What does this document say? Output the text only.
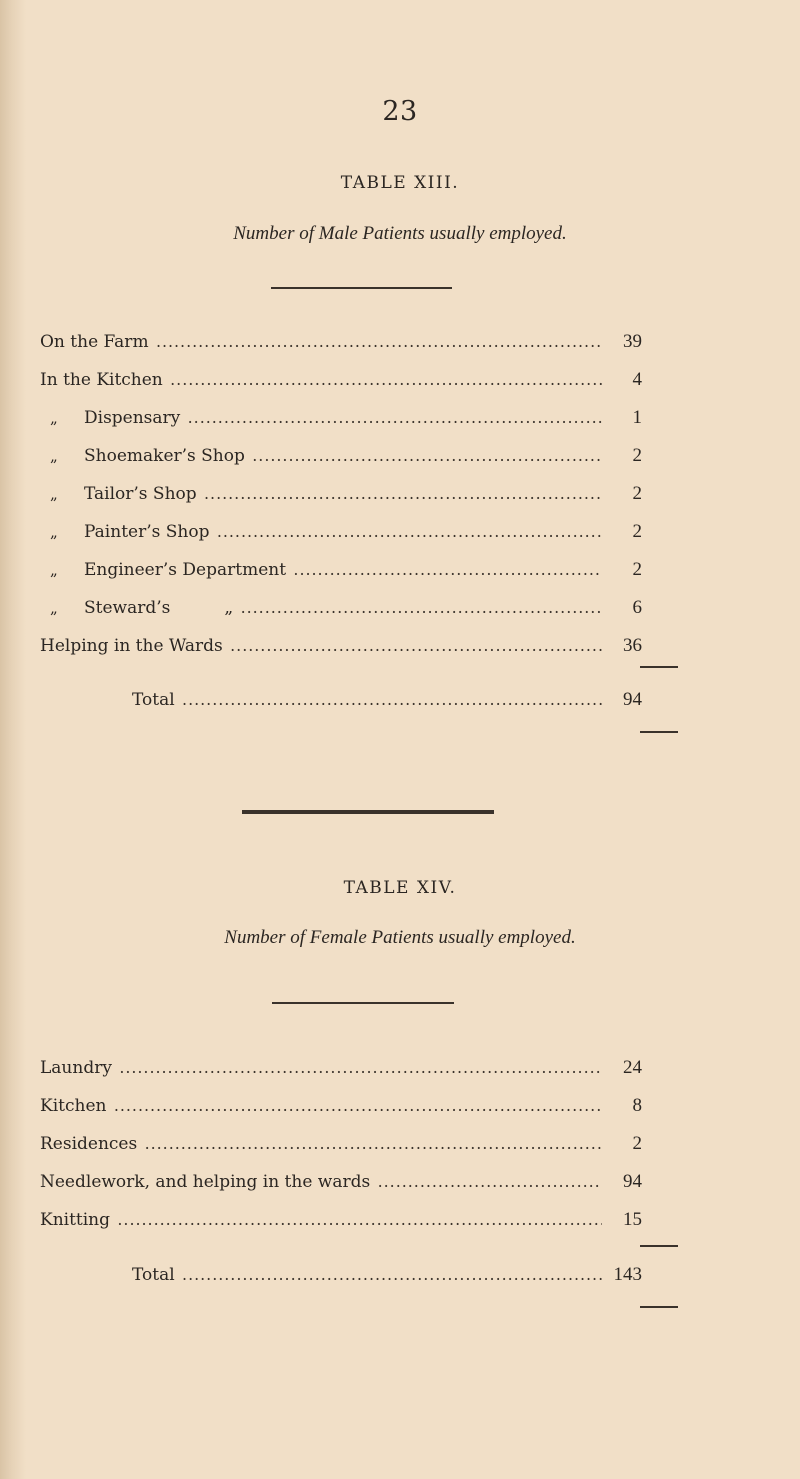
23
TABLE XIII.
Number of Male Patients usually employed.
On the Farm .....	39
In the Kitchen .....	4
„	Dispensary .....	1
„	Shoemaker’s Shop .....	2
„	Tailor’s Shop .....	2
„	Painter’s Shop .....	2
„	Engineer’s Department .....	2
„	Steward’s          „ .....	6
Helping in the Wards .....	36
Total .....	94
TABLE XIV.
Number of Female Patients usually employed.
Laundry .....	24
Kitchen .....	8
Residences .....	2
Needlework, and helping in the wards .....	94
Knitting .....	15
Total .....	143
